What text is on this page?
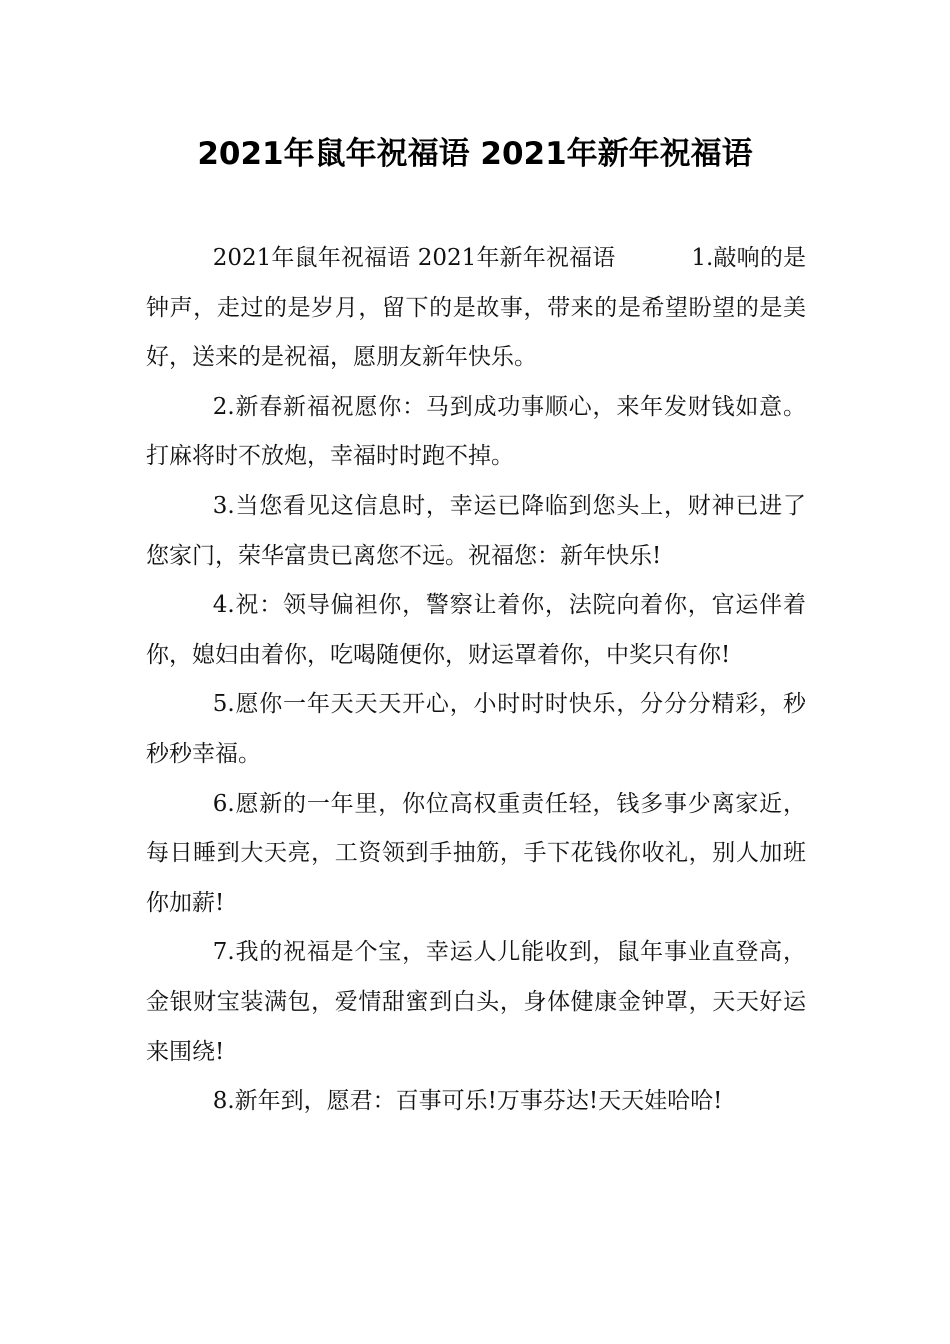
2021年鼠年祝福语 2021年新年祝福语

2021年鼠年祝福语 2021年新年祝福语	1.敲响的是钟声，走过的是岁月，留下的是故事，带来的是希望盼望的是美好，送来的是祝福，愿朋友新年快乐。

2.新春新福祝愿你：马到成功事顺心，来年发财钱如意。打麻将时不放炮，幸福时时跑不掉。

3.当您看见这信息时，幸运已降临到您头上，财神已进了您家门，荣华富贵已离您不远。祝福您：新年快乐!

4.祝：领导偏袒你，警察让着你，法院向着你，官运伴着你，媳妇由着你，吃喝随便你，财运罩着你，中奖只有你!

5.愿你一年天天天开心，小时时时快乐，分分分精彩，秒秒秒幸福。

6.愿新的一年里，你位高权重责任轻，钱多事少离家近，每日睡到大天亮，工资领到手抽筋，手下花钱你收礼，别人加班你加薪!

7.我的祝福是个宝，幸运人儿能收到，鼠年事业直登高，金银财宝装满包，爱情甜蜜到白头，身体健康金钟罩，天天好运来围绕!

8.新年到，愿君：百事可乐!万事芬达!天天娃哈哈!
